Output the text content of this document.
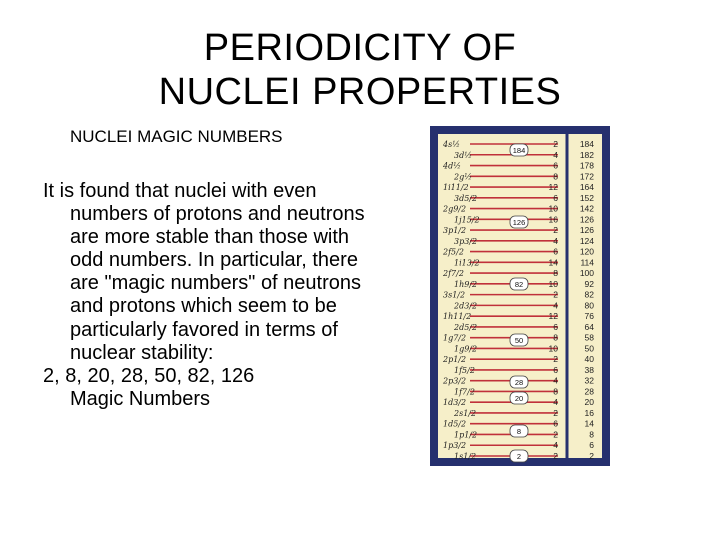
PERIODICITY OF
NUCLEI PROPERTIES

NUCLEI MAGIC NUMBERS

It is found that nuclei with even numbers of protons and neutrons are more stable than those with odd numbers. In particular, there are "magic numbers" of neutrons and protons which seem to be particularly favored in terms of nuclear stability:

2, 8, 20, 28, 50, 82, 126

Magic Numbers

4s½	2	184
3d½	4	182
4d½	6	178
2g½	8	172
1i11/2	12	164
3d5/2	6	152
2g9/2	10	142
1j15/2	16	126
3p1/2	2	126
3p3/2	4	124
2f5/2	6	120
1i13/2	14	114
2f7/2	8	100
1h9/2	10	92
3s1/2	2	82
2d3/2	4	80
1h11/2	12	76
2d5/2	6	64
1g7/2	8	58
1g9/2	10	50
2p1/2	2	40
1f5/2	6	38
2p3/2	4	32
1f7/2	8	28
1d3/2	4	20
2s1/2	2	16
1d5/2	6	14
1p1/2	2	8
1p3/2	4	6
1s1/2	2	2
184
126
82
50
28
20
8
2
